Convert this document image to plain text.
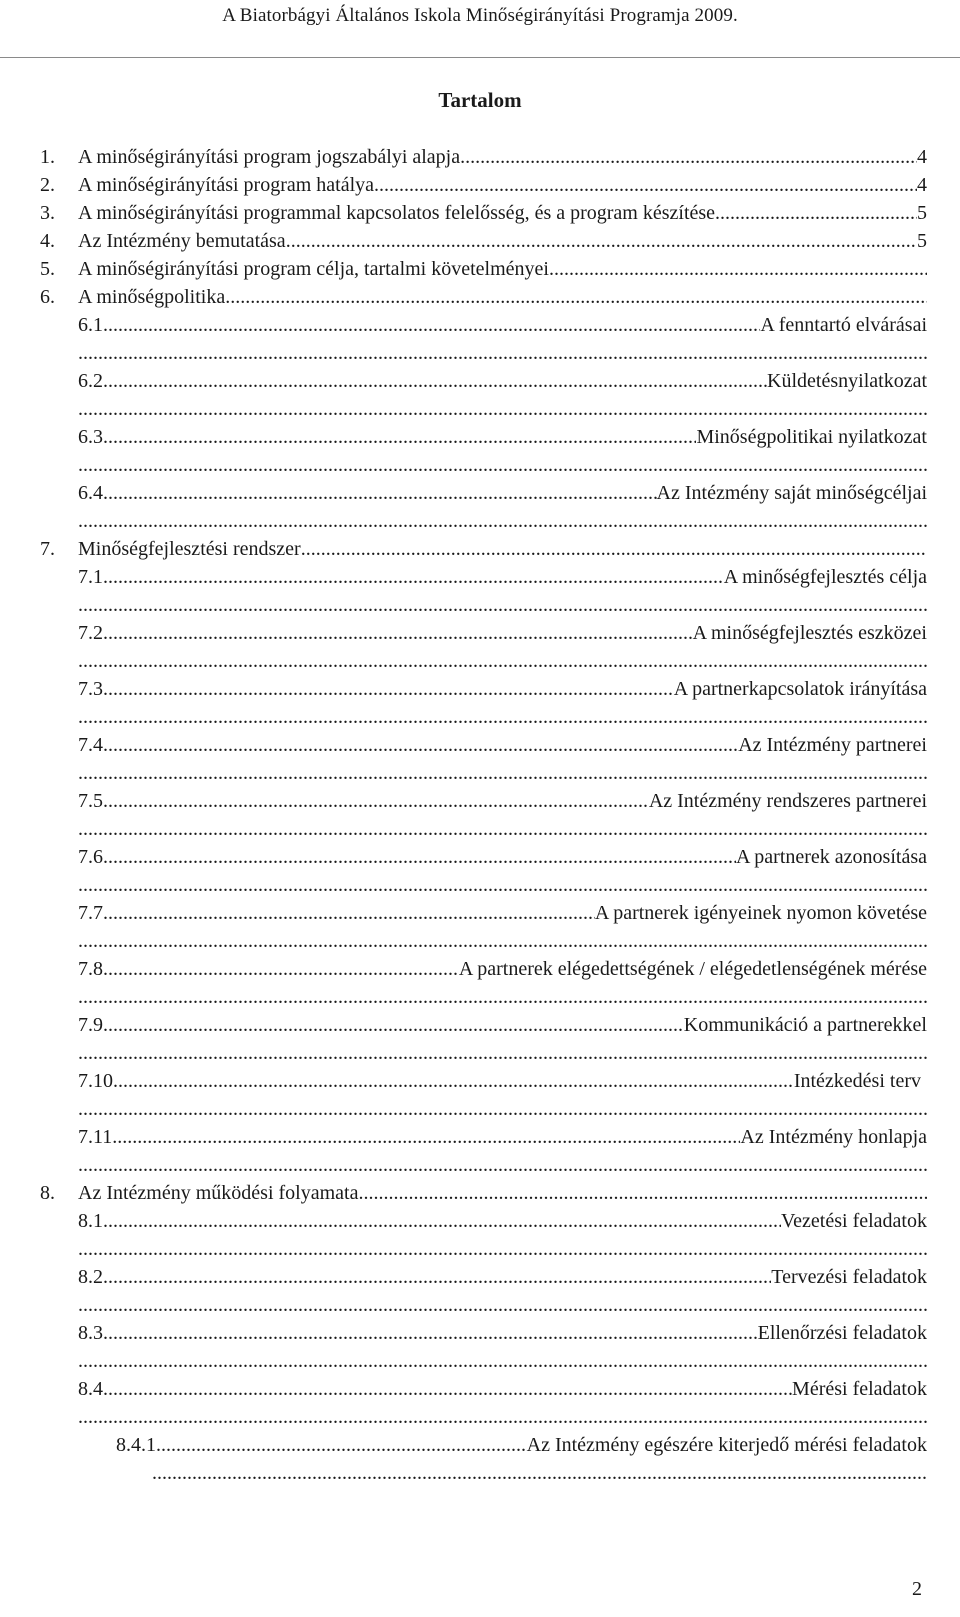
A Biatorbágyi Általános Iskola Minőségirányítási Programja 2009.
Tartalom
1. A minőségirányítási program jogszabályi alapja .....	4
2. A minőségirányítási program hatálya .....	4
3. A minőségirányítási programmal kapcsolatos felelősség, és a program készítése .....	5
4. Az Intézmény bemutatása .....	5
5. A minőségirányítási program célja, tartalmi követelményei
.....
6. A minőségpolitika
.....
6.1. .....	A fenntartó elvárásai
.....
6.2. .....	Küldetésnyilatkozat
.....
6.3. .....	Minőségpolitikai nyilatkozat
.....
6.4. .....	Az Intézmény saját minőségcéljai
.....
7. Minőségfejlesztési rendszer
.....
7.1. .....	A minőségfejlesztés célja
.....
7.2. .....	A minőségfejlesztés eszközei
.....
7.3. .....	A partnerkapcsolatok irányítása
.....
7.4. .....	Az Intézmény partnerei
.....
7.5. .....	Az Intézmény rendszeres partnerei
.....
7.6. .....	A partnerek azonosítása
.....
7.7. .....	A partnerek igényeinek nyomon követése
.....
7.8. .....	A partnerek elégedettségének / elégedetlenségének mérése
.....
7.9. .....	Kommunikáció a partnerekkel
.....
7.10. .....	Intézkedési terv
.....
7.11. .....	Az Intézmény honlapja
.....
8. Az Intézmény működési folyamata
.....
8.1. .....	Vezetési feladatok
.....
8.2. .....	Tervezési feladatok
.....
8.3. .....	Ellenőrzési feladatok
.....
8.4. .....	Mérési feladatok
.....
8.4.1. .....	Az Intézmény egészére kiterjedő mérési feladatok
.....
2
